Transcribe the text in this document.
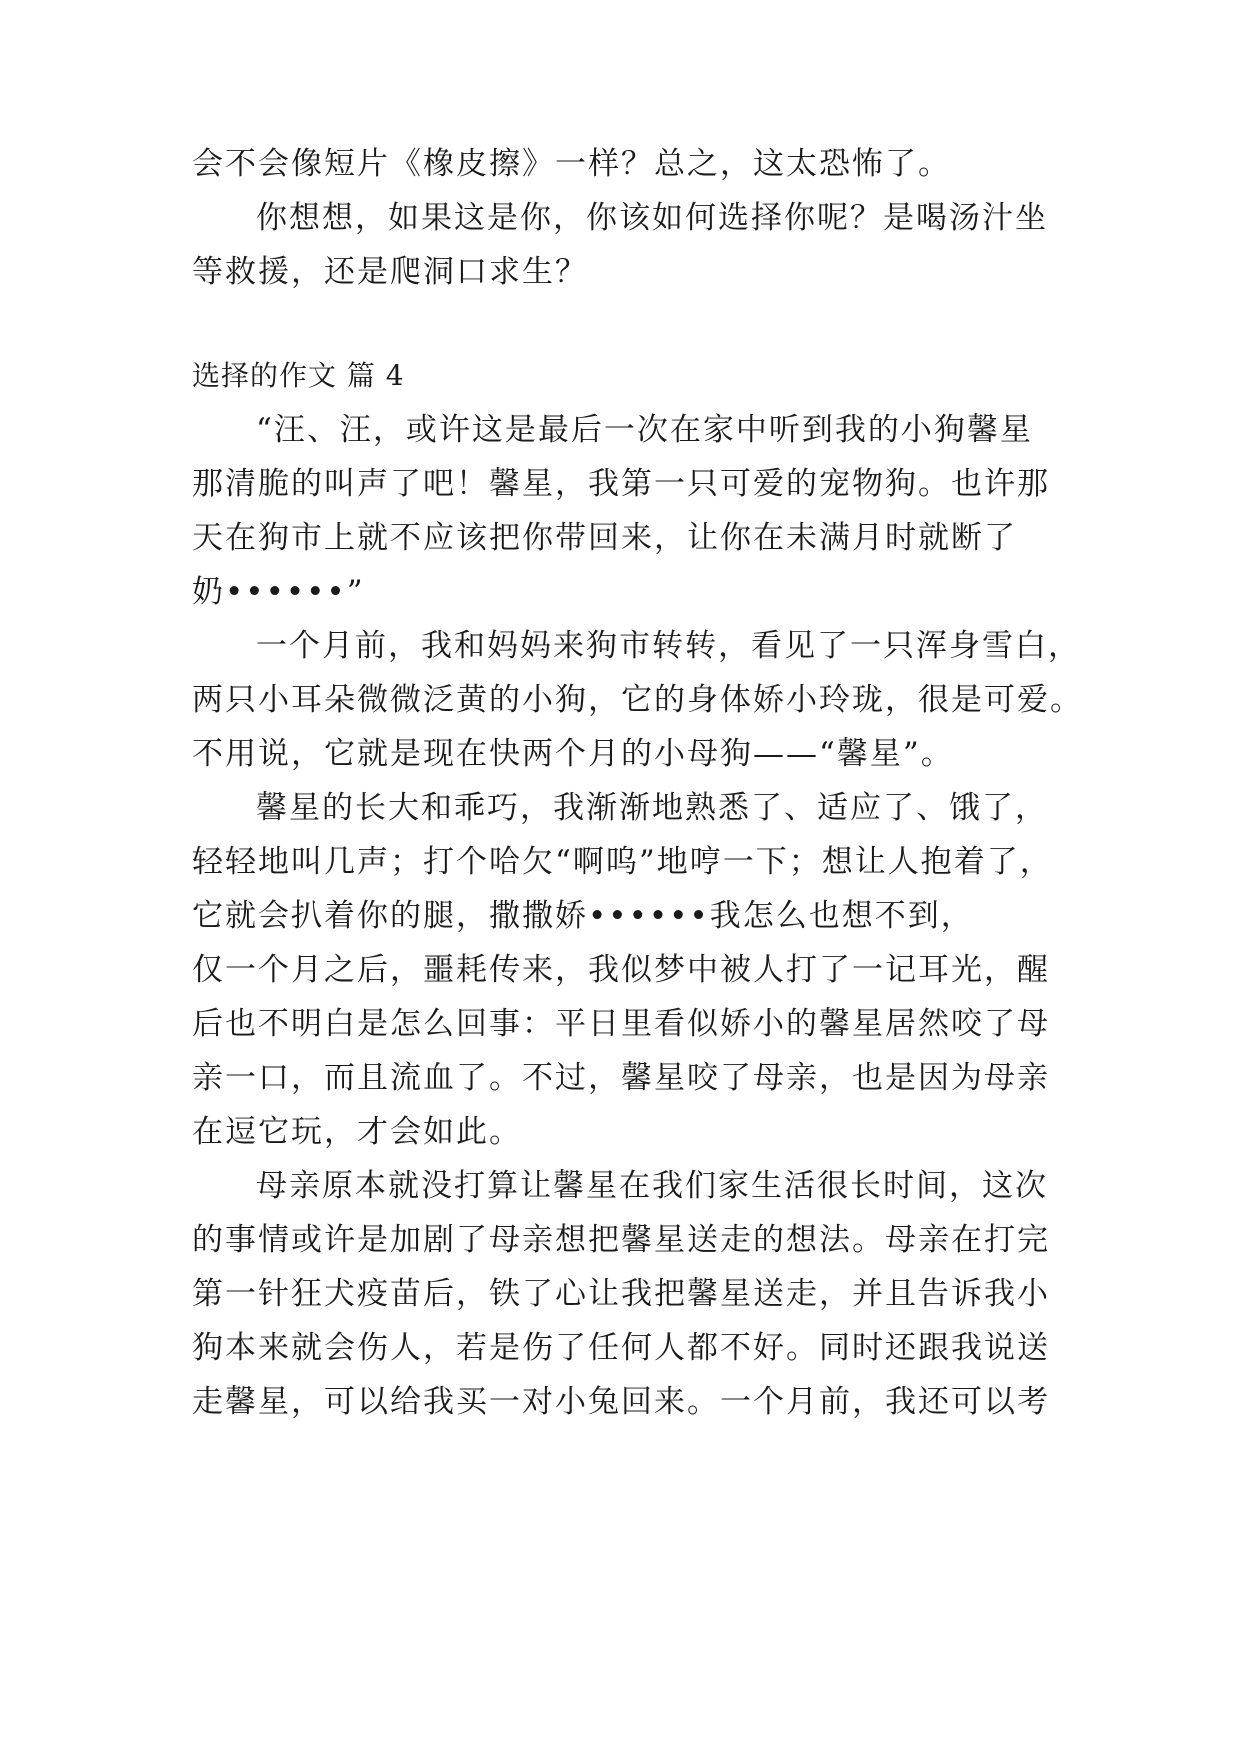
会不会像短片《橡皮擦》一样？总之，这太恐怖了。
你想想，如果这是你，你该如何选择你呢？是喝汤汁坐
等救援，还是爬洞口求生？
选择的作文 篇 4
“汪、汪，或许这是最后一次在家中听到我的小狗馨星
那清脆的叫声了吧！馨星，我第一只可爱的宠物狗。也许那
天在狗市上就不应该把你带回来，让你在未满月时就断了
奶••••••”
一个月前，我和妈妈来狗市转转，看见了一只浑身雪白，
两只小耳朵微微泛黄的小狗，它的身体娇小玲珑，很是可爱。
不用说，它就是现在快两个月的小母狗——“馨星”。
馨星的长大和乖巧，我渐渐地熟悉了、适应了、饿了，
轻轻地叫几声；打个哈欠“啊呜”地哼一下；想让人抱着了，
它就会扒着你的腿，撒撒娇••••••我怎么也想不到，
仅一个月之后，噩耗传来，我似梦中被人打了一记耳光，醒
后也不明白是怎么回事：平日里看似娇小的馨星居然咬了母
亲一口，而且流血了。不过，馨星咬了母亲，也是因为母亲
在逗它玩，才会如此。
母亲原本就没打算让馨星在我们家生活很长时间，这次
的事情或许是加剧了母亲想把馨星送走的想法。母亲在打完
第一针狂犬疫苗后，铁了心让我把馨星送走，并且告诉我小
狗本来就会伤人，若是伤了任何人都不好。同时还跟我说送
走馨星，可以给我买一对小兔回来。一个月前，我还可以考
